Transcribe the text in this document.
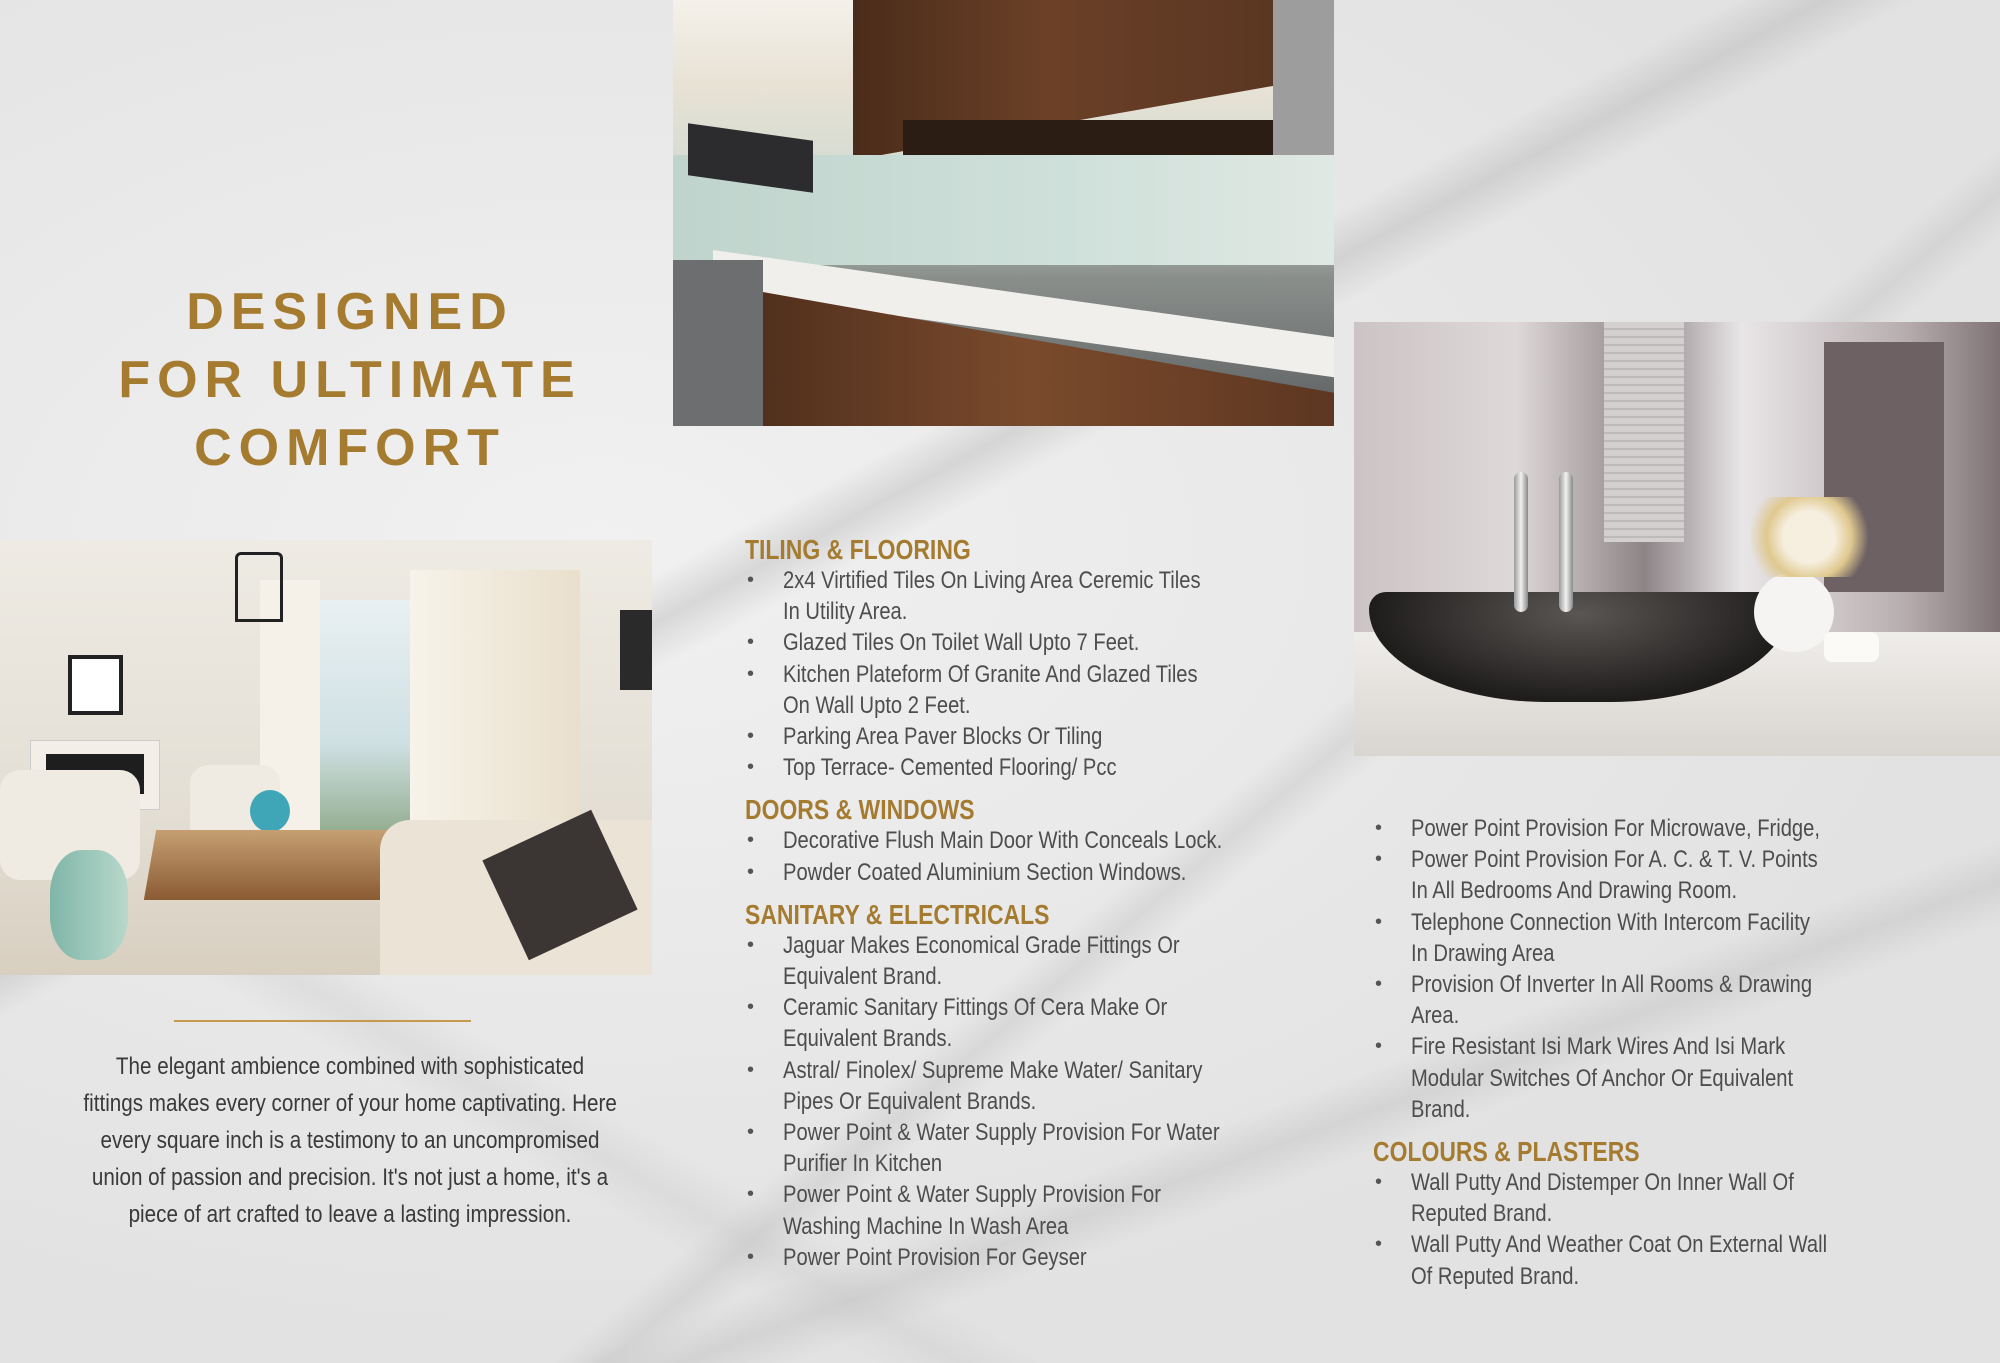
DESIGNED
FOR ULTIMATE
COMFORT
The elegant ambience combined with sophisticated
fittings makes every corner of your home captivating. Here
every square inch is a testimony to an uncompromised
union of passion and precision. It's not just a home, it's a
piece of art crafted to leave a lasting impression.
TILING & FLOORING
• 2x4 Virtified Tiles On Living Area Ceremic Tiles
In Utility Area.
• Glazed Tiles On Toilet Wall Upto 7 Feet.
• Kitchen Plateform Of Granite And Glazed Tiles
On Wall Upto 2 Feet.
• Parking Area Paver Blocks Or Tiling
• Top Terrace- Cemented Flooring/ Pcc
DOORS & WINDOWS
• Decorative Flush Main Door With Conceals Lock.
• Powder Coated Aluminium Section Windows.
SANITARY & ELECTRICALS
• Jaguar Makes Economical Grade Fittings Or
Equivalent Brand.
• Ceramic Sanitary Fittings Of Cera Make Or
Equivalent Brands.
• Astral/ Finolex/ Supreme Make Water/ Sanitary
Pipes Or Equivalent Brands.
• Power Point & Water Supply Provision For Water
Purifier In Kitchen
• Power Point & Water Supply Provision For
Washing Machine In Wash Area
• Power Point Provision For Geyser
• Power Point Provision For Microwave, Fridge,
• Power Point Provision For A. C. & T. V. Points
In All Bedrooms And Drawing Room.
• Telephone Connection With Intercom Facility
In Drawing Area
• Provision Of Inverter In All Rooms & Drawing
Area.
• Fire Resistant Isi Mark Wires And Isi Mark
Modular Switches Of Anchor Or Equivalent
Brand.
COLOURS & PLASTERS
• Wall Putty And Distemper On Inner Wall Of
Reputed Brand.
• Wall Putty And Weather Coat On External Wall
Of Reputed Brand.
